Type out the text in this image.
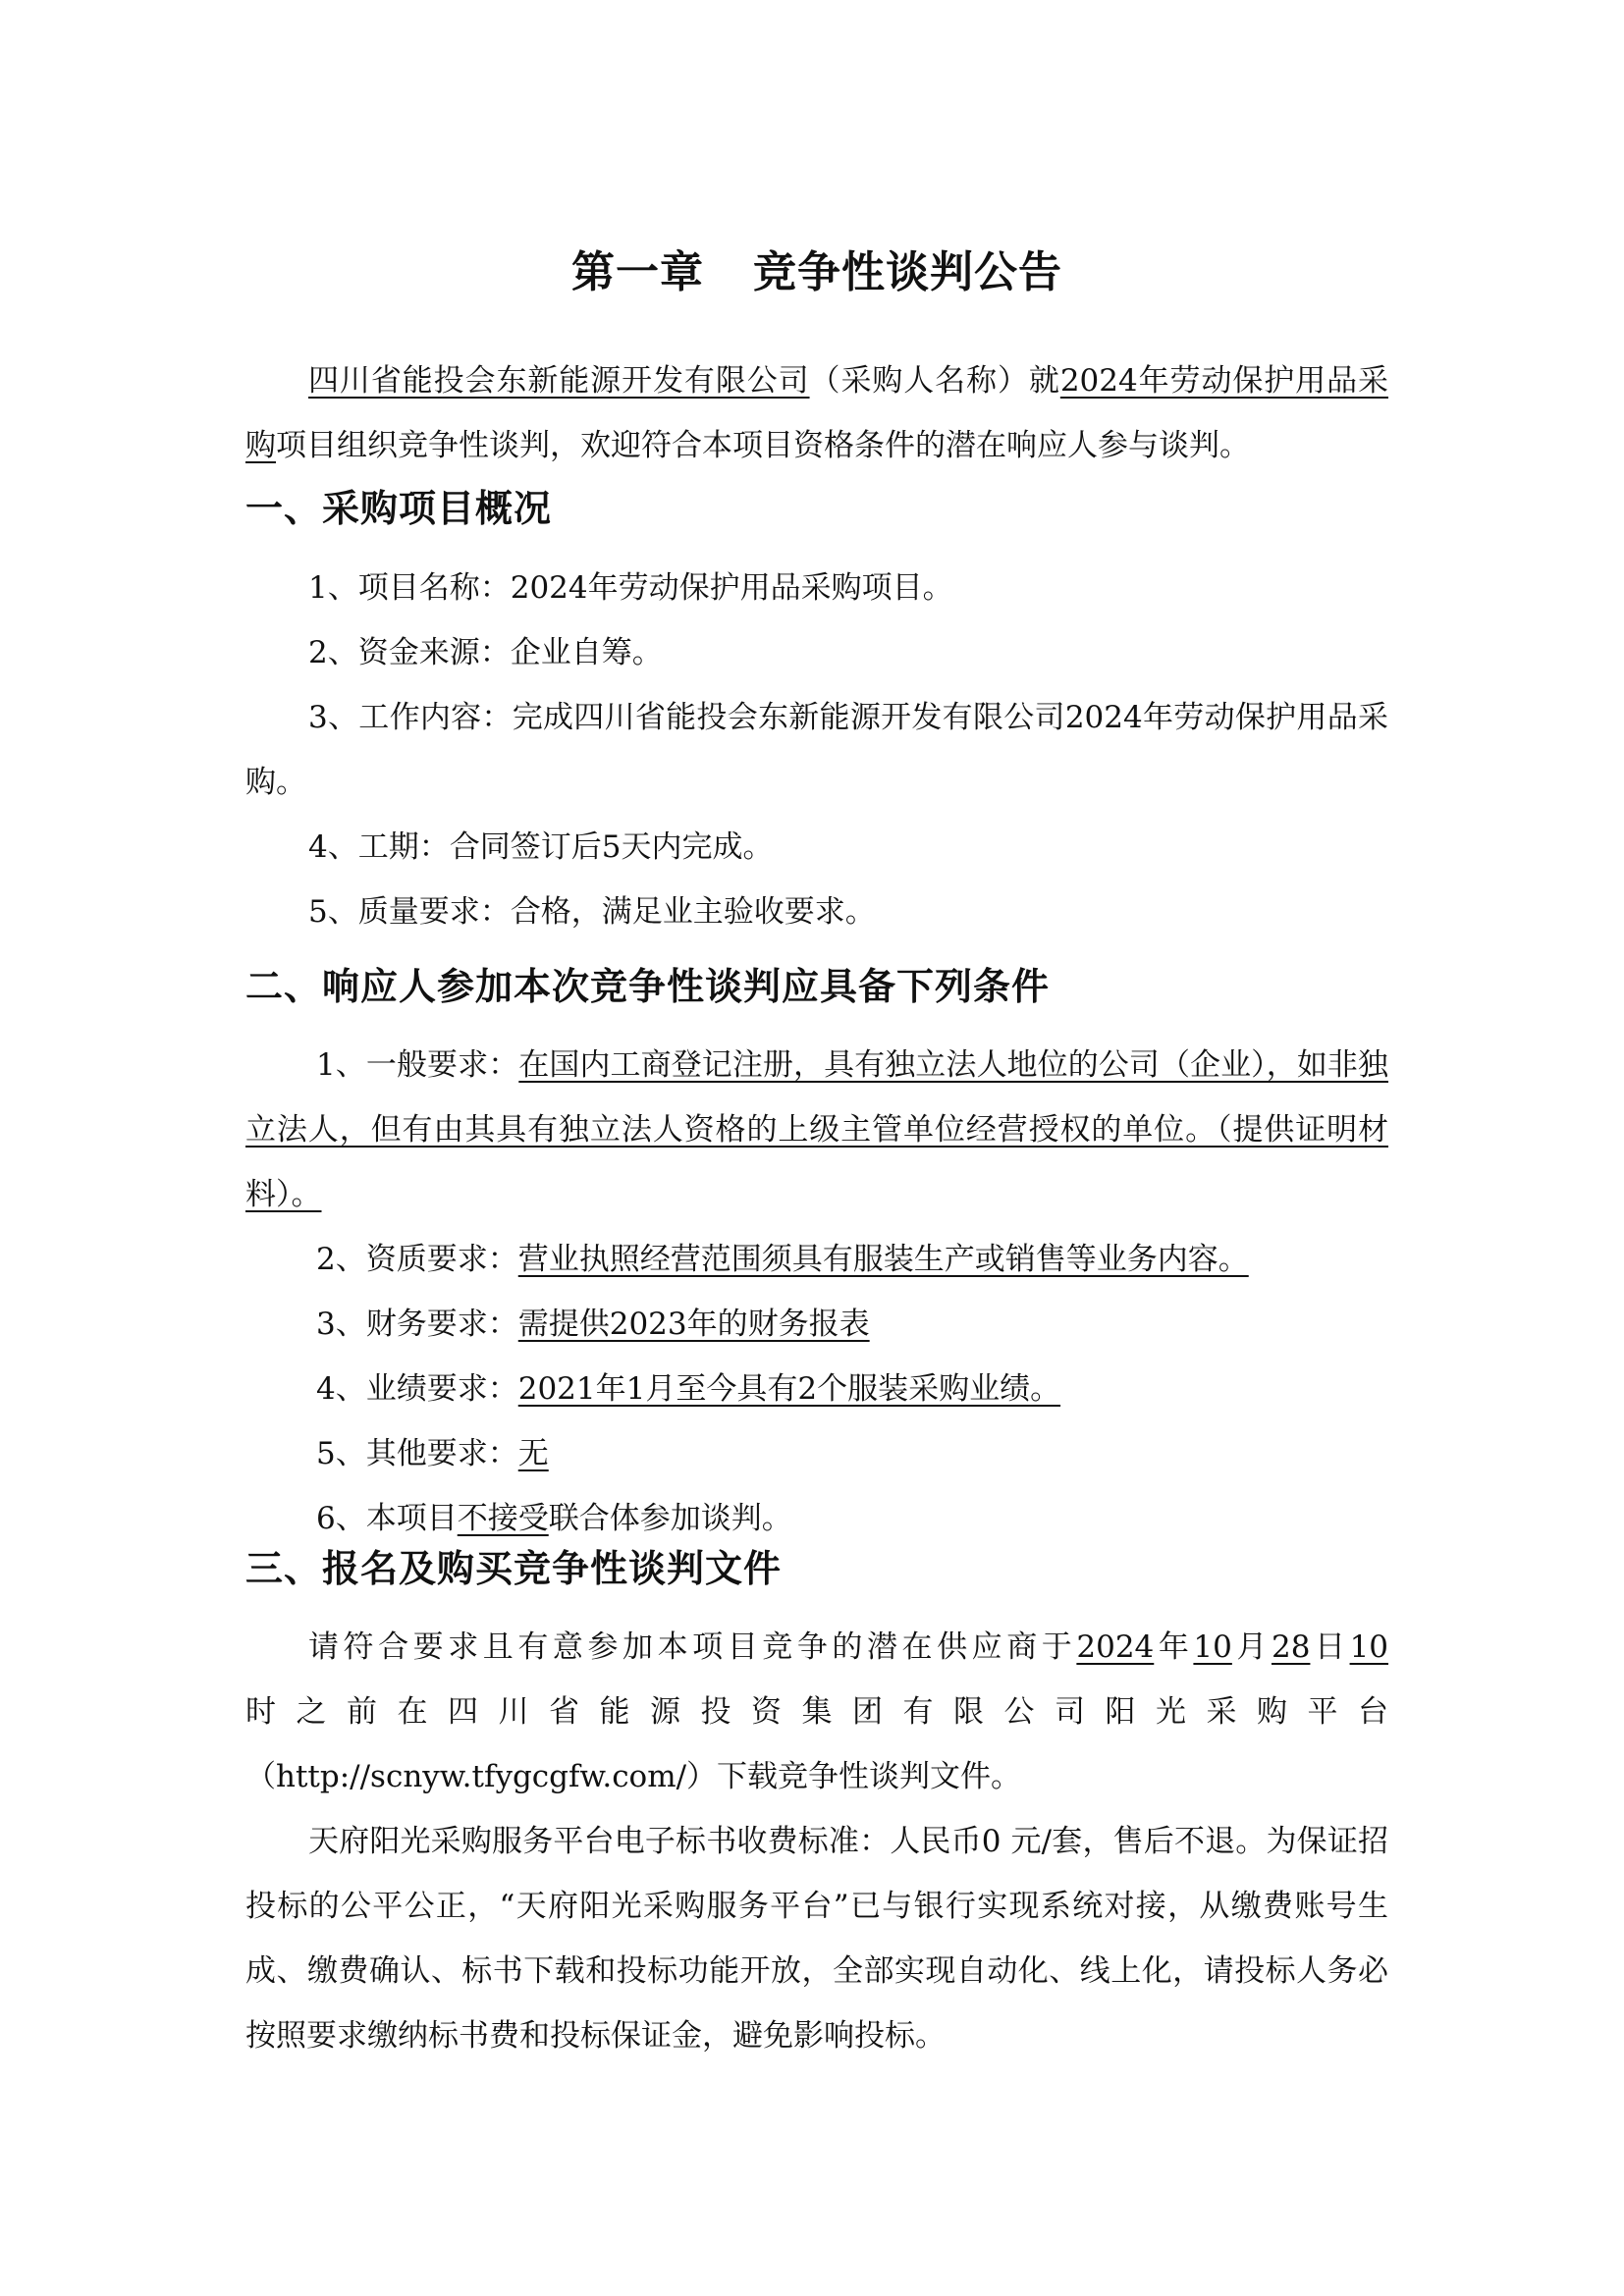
第一章 竞争性谈判公告

四川省能投会东新能源开发有限公司（采购人名称）就2024年劳动保护用品采购项目组织竞争性谈判，欢迎符合本项目资格条件的潜在响应人参与谈判。

一、采购项目概况

1、项目名称：2024年劳动保护用品采购项目。

2、资金来源：企业自筹。

3、工作内容：完成四川省能投会东新能源开发有限公司2024年劳动保护用品采购。

4、工期：合同签订后5天内完成。

5、质量要求：合格，满足业主验收要求。

二、响应人参加本次竞争性谈判应具备下列条件

1、一般要求：在国内工商登记注册，具有独立法人地位的公司（企业），如非独立法人，但有由其具有独立法人资格的上级主管单位经营授权的单位。（提供证明材料）。

2、资质要求：营业执照经营范围须具有服装生产或销售等业务内容。

3、财务要求：需提供2023年的财务报表

4、业绩要求：2021年1月至今具有2个服装采购业绩。

5、其他要求：无

6、本项目不接受联合体参加谈判。

三、报名及购买竞争性谈判文件

请符合要求且有意参加本项目竞争的潜在供应商于2024年10月28日10

时之前在四川省能源投资集团有限公司阳光采购平台

（http://scnyw.tfygcgfw.com/）下载竞争性谈判文件。

天府阳光采购服务平台电子标书收费标准：人民币0 元/套，售后不退。为保证招投标的公平公正，“天府阳光采购服务平台”已与银行实现系统对接，从缴费账号生成、缴费确认、标书下载和投标功能开放，全部实现自动化、线上化，请投标人务必按照要求缴纳标书费和投标保证金，避免影响投标。
